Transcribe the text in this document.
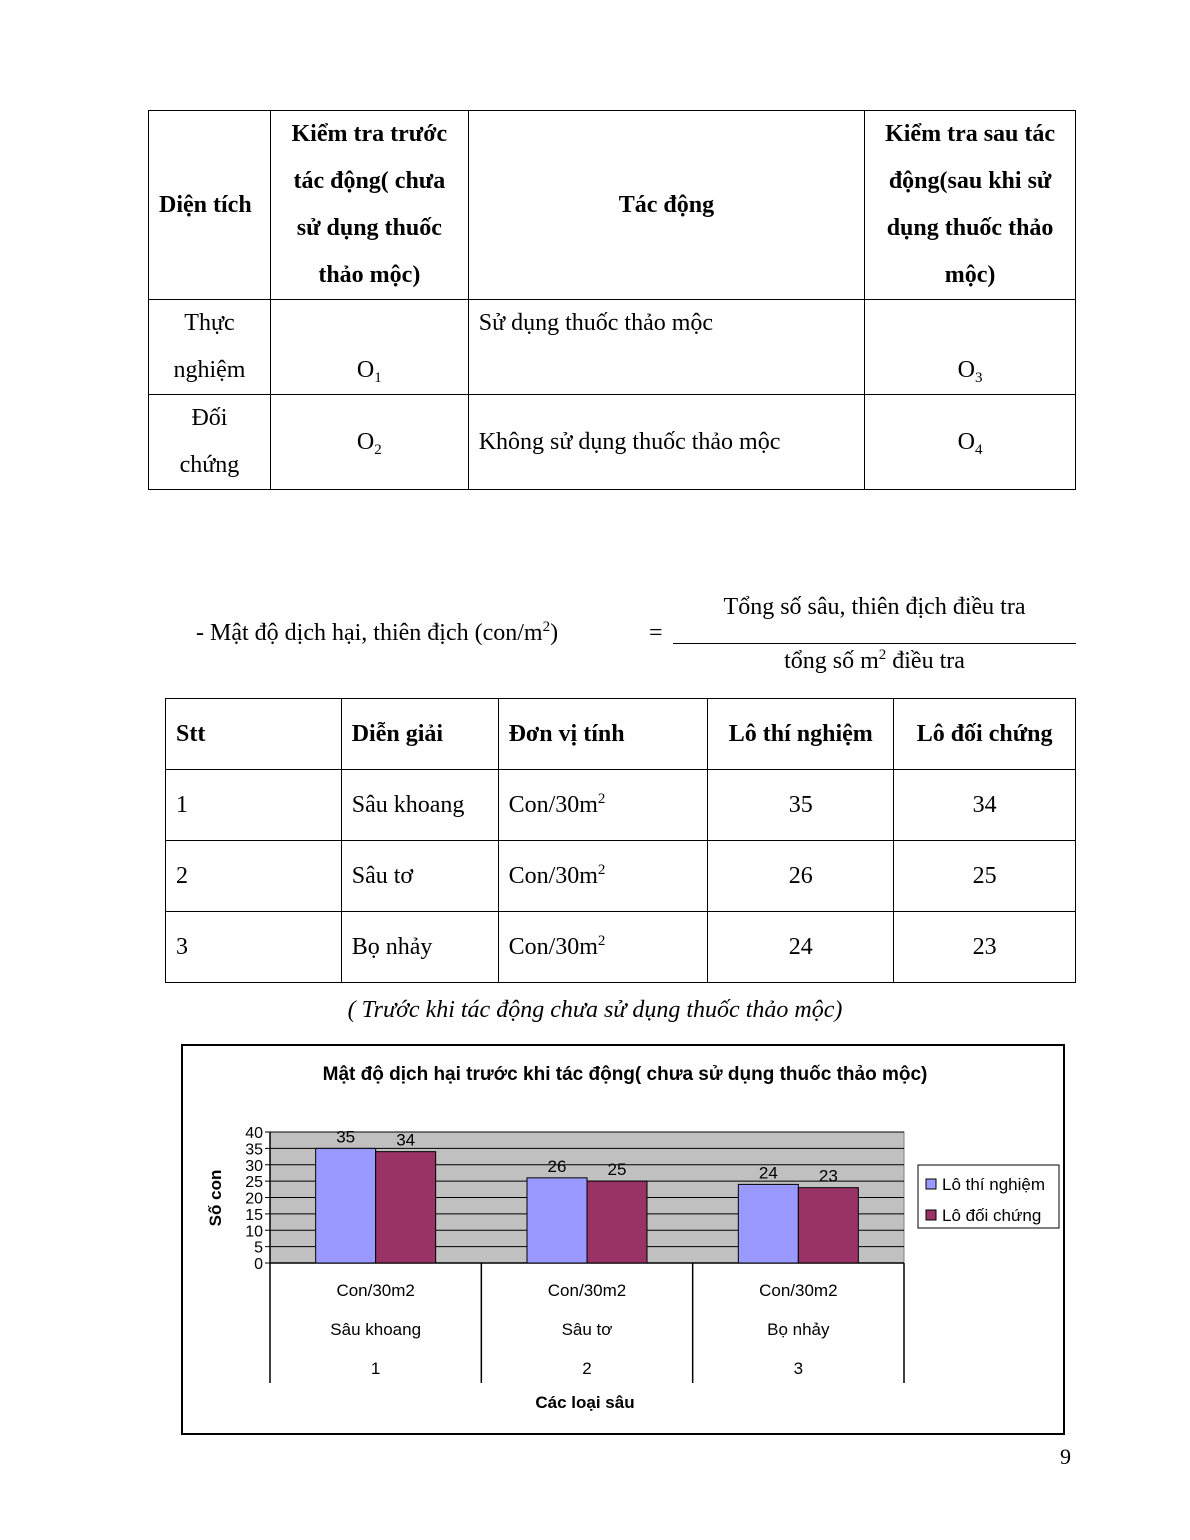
Diện tích	Kiểm tra trước tác động( chưa sử dụng thuốc thảo mộc)	Tác động	Kiểm tra sau tác động(sau khi sử dụng thuốc thảo mộc)
Thực nghiệm	$O_1$	Sử dụng thuốc thảo mộc	$O_3$
Đối chứng	$O_2$	Không sử dụng thuốc thảo mộc	$O_4$
- Mật độ dịch hại, thiên địch $(con/m^2)$	=
Tổng số sâu, thiên địch điều tra
tổng số $m^2$ điều tra
Stt	Diễn giải	Đơn vị tính	Lô thí nghiệm	Lô đối chứng
1	Sâu khoang	Con/$30m^2$	35	34
2	Sâu tơ	Con/$30m^2$	26	25
3	Bọ nhảy	Con/$30m^2$	24	23
( Trước khi tác động chưa sử dụng thuốc thảo mộc)
Mật độ dịch hại trước khi tác động( chưa sử dụng thuốc thảo mộc)
0
5
10
15
20
25
30
35
40
Con/30m2
Sâu khoang
1
35 34
Con/30m2
Sâu tơ
2
26 25
Con/30m2
Bọ nhảy
3
24 23
Các loại sâu
Số con	Lô thí nghiệm
Lô đối chứng
9
